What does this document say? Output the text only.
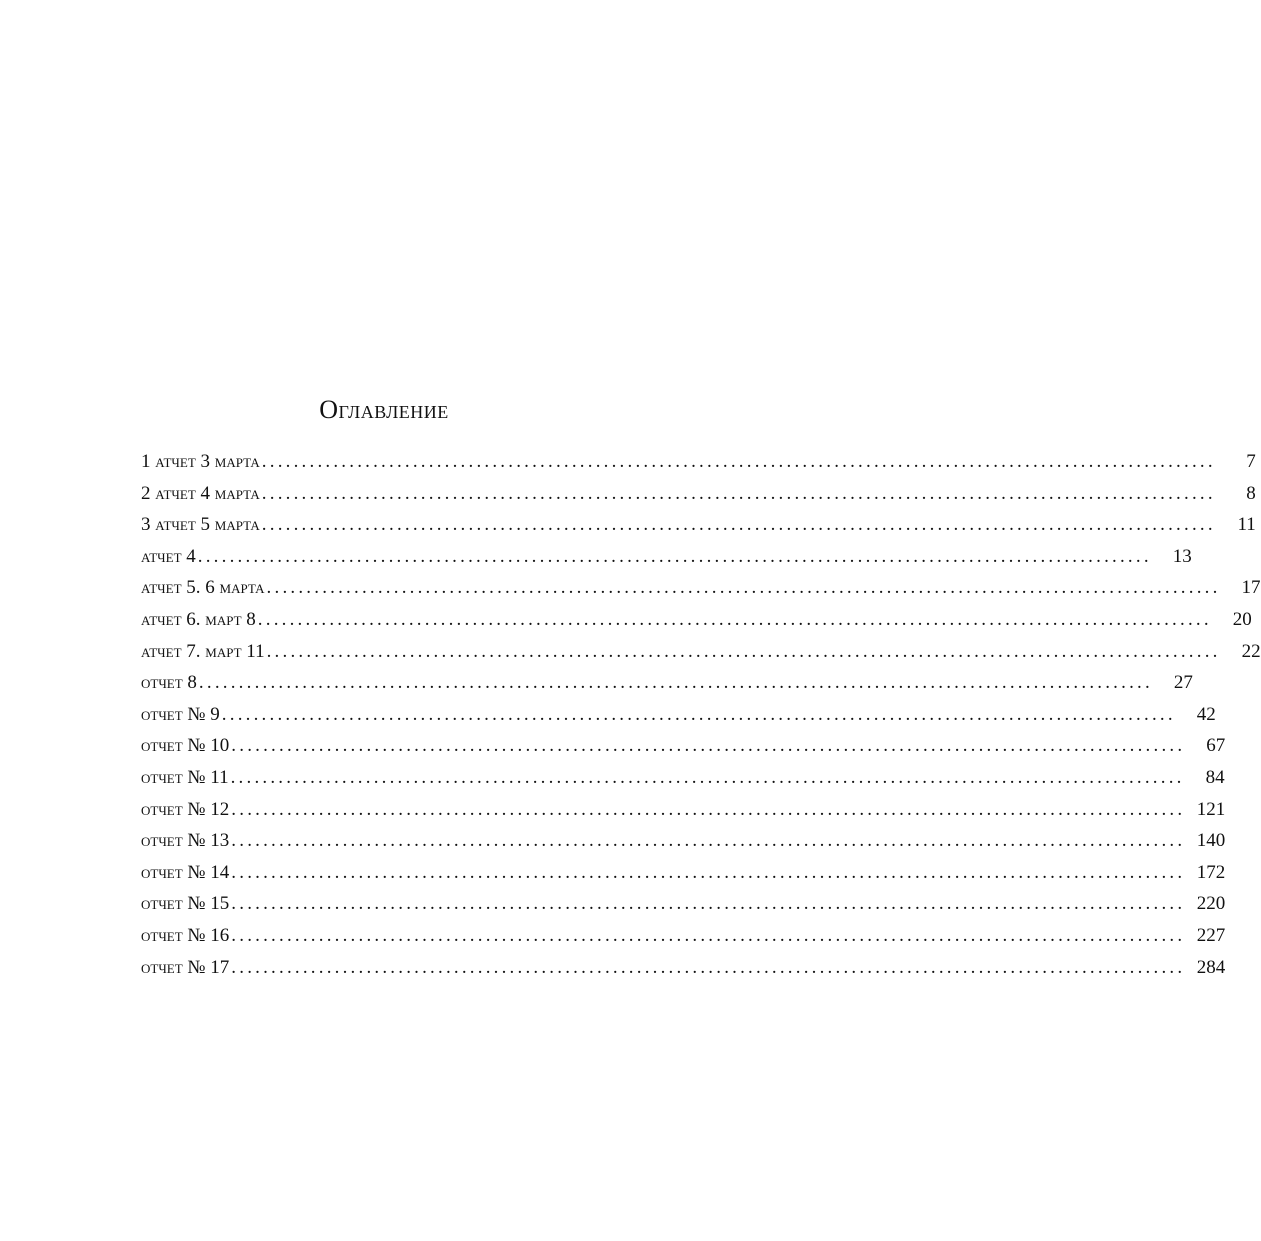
Оглавление
1 атчет 3 марта ........................................................................................................................	7
2 атчет 4 марта ........................................................................................................................	8
3 атчет 5 марта ........................................................................................................................	11
атчет 4 ........................................................................................................................	13
атчет 5. 6 марта ........................................................................................................................	17
атчет 6. март 8 ........................................................................................................................	20
атчет 7. март 11 ........................................................................................................................	22
отчет 8 ........................................................................................................................	27
отчет № 9 ........................................................................................................................	42
отчет № 10 ........................................................................................................................	67
отчет № 11 ........................................................................................................................	84
отчет № 12 ........................................................................................................................ 121
отчет № 13 ........................................................................................................................ 140
отчет № 14 ........................................................................................................................ 172
отчет № 15 ........................................................................................................................ 220
отчет № 16 ........................................................................................................................ 227
отчет № 17 ........................................................................................................................ 284
